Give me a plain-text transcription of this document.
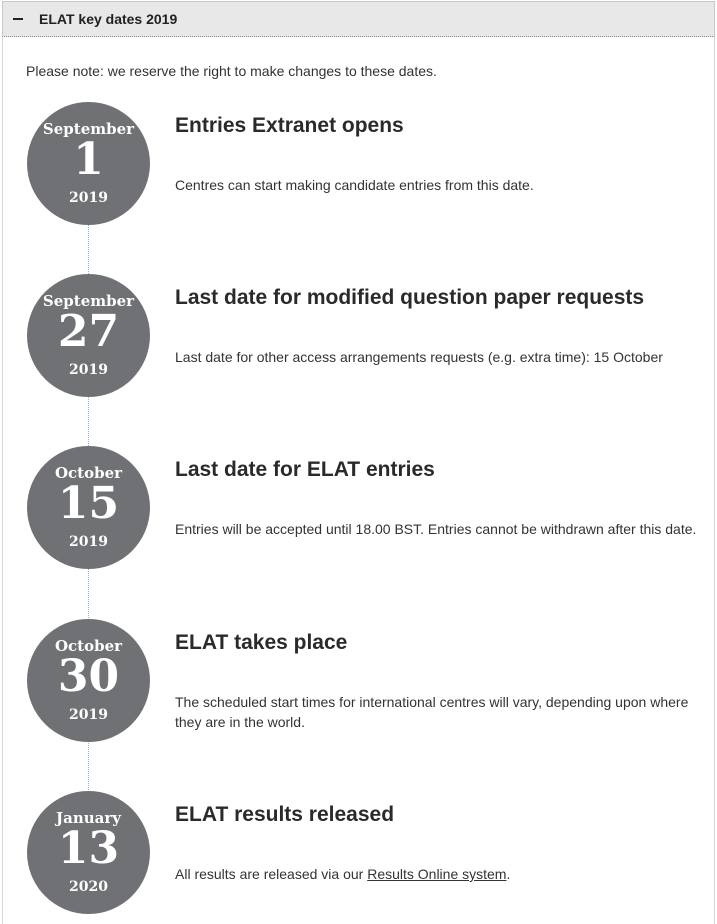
ELAT key dates 2019
Please note: we reserve the right to make changes to these dates.
September
1
2019
Entries Extranet opens
Centres can start making candidate entries from this date.
September
27
2019
Last date for modified question paper requests
Last date for other access arrangements requests (e.g. extra time): 15 October
October
15
2019
Last date for ELAT entries
Entries will be accepted until 18.00 BST. Entries cannot be withdrawn after this date.
October
30
2019
ELAT takes place
The scheduled start times for international centres will vary, depending upon where they are in the world.
January
13
2020
ELAT results released
All results are released via our Results Online system.
